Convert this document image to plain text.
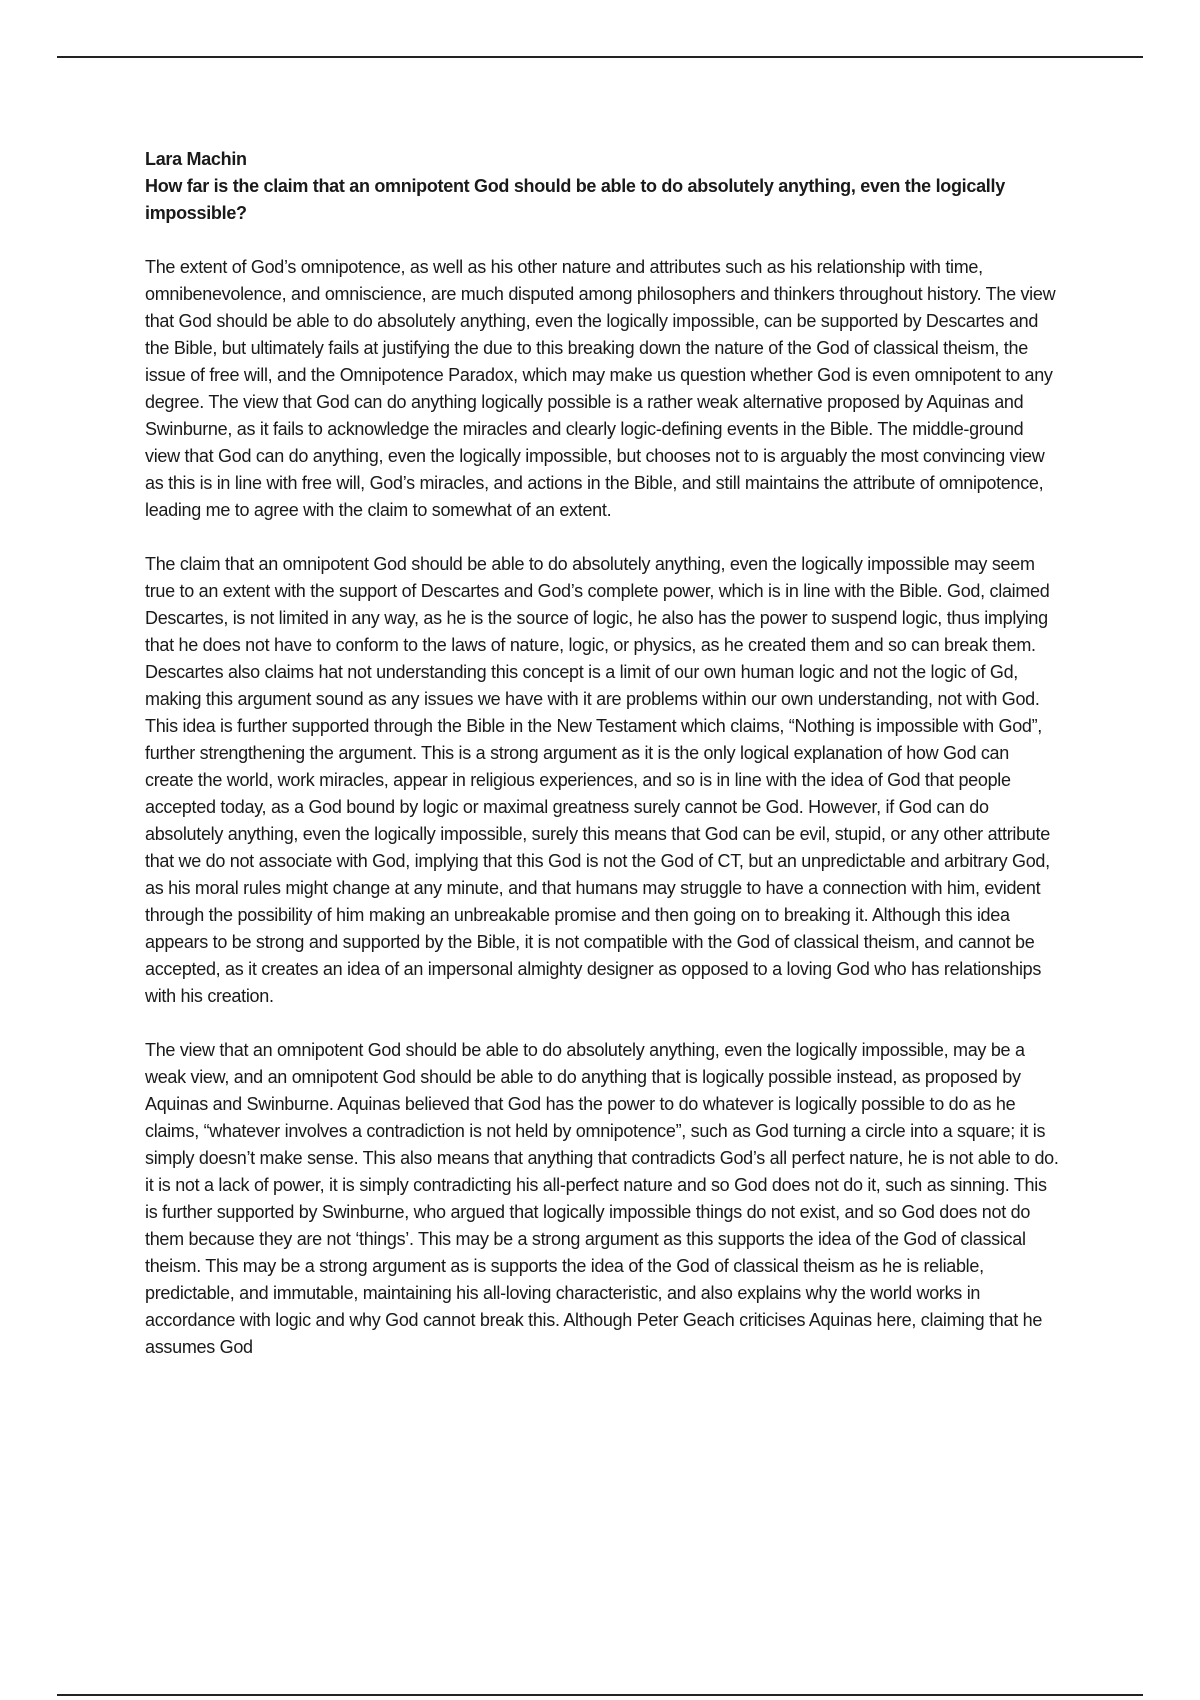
Lara Machin

How far is the claim that an omnipotent God should be able to do absolutely anything, even the logically impossible?

The extent of God’s omnipotence, as well as his other nature and attributes such as his relationship with time, omnibenevolence, and omniscience, are much disputed among philosophers and thinkers throughout history. The view that God should be able to do absolutely anything, even the logically impossible, can be supported by Descartes and the Bible, but ultimately fails at justifying the due to this breaking down the nature of the God of classical theism, the issue of free will, and the Omnipotence Paradox, which may make us question whether God is even omnipotent to any degree. The view that God can do anything logically possible is a rather weak alternative proposed by Aquinas and Swinburne, as it fails to acknowledge the miracles and clearly logic-defining events in the Bible. The middle-ground view that God can do anything, even the logically impossible, but chooses not to is arguably the most convincing view as this is in line with free will, God’s miracles, and actions in the Bible, and still maintains the attribute of omnipotence, leading me to agree with the claim to somewhat of an extent.

The claim that an omnipotent God should be able to do absolutely anything, even the logically impossible may seem true to an extent with the support of Descartes and God’s complete power, which is in line with the Bible. God, claimed Descartes, is not limited in any way, as he is the source of logic, he also has the power to suspend logic, thus implying that he does not have to conform to the laws of nature, logic, or physics, as he created them and so can break them. Descartes also claims hat not understanding this concept is a limit of our own human logic and not the logic of Gd, making this argument sound as any issues we have with it are problems within our own understanding, not with God. This idea is further supported through the Bible in the New Testament which claims, “Nothing is impossible with God”, further strengthening the argument. This is a strong argument as it is the only logical explanation of how God can create the world, work miracles, appear in religious experiences, and so is in line with the idea of God that people accepted today, as a God bound by logic or maximal greatness surely cannot be God. However, if God can do absolutely anything, even the logically impossible, surely this means that God can be evil, stupid, or any other attribute that we do not associate with God, implying that this God is not the God of CT, but an unpredictable and arbitrary God, as his moral rules might change at any minute, and that humans may struggle to have a connection with him, evident through the possibility of him making an unbreakable promise and then going on to breaking it. Although this idea appears to be strong and supported by the Bible, it is not compatible with the God of classical theism, and cannot be accepted, as it creates an idea of an impersonal almighty designer as opposed to a loving God who has relationships with his creation.

The view that an omnipotent God should be able to do absolutely anything, even the logically impossible, may be a weak view, and an omnipotent God should be able to do anything that is logically possible instead, as proposed by Aquinas and Swinburne. Aquinas believed that God has the power to do whatever is logically possible to do as he claims, “whatever involves a contradiction is not held by omnipotence”, such as God turning a circle into a square; it is simply doesn’t make sense. This also means that anything that contradicts God’s all perfect nature, he is not able to do. it is not a lack of power, it is simply contradicting his all-perfect nature and so God does not do it, such as sinning. This is further supported by Swinburne, who argued that logically impossible things do not exist, and so God does not do them because they are not ‘things’. This may be a strong argument as this supports the idea of the God of classical theism. This may be a strong argument as is supports the idea of the God of classical theism as he is reliable, predictable, and immutable, maintaining his all-loving characteristic, and also explains why the world works in accordance with logic and why God cannot break this. Although Peter Geach criticises Aquinas here, claiming that he assumes God
